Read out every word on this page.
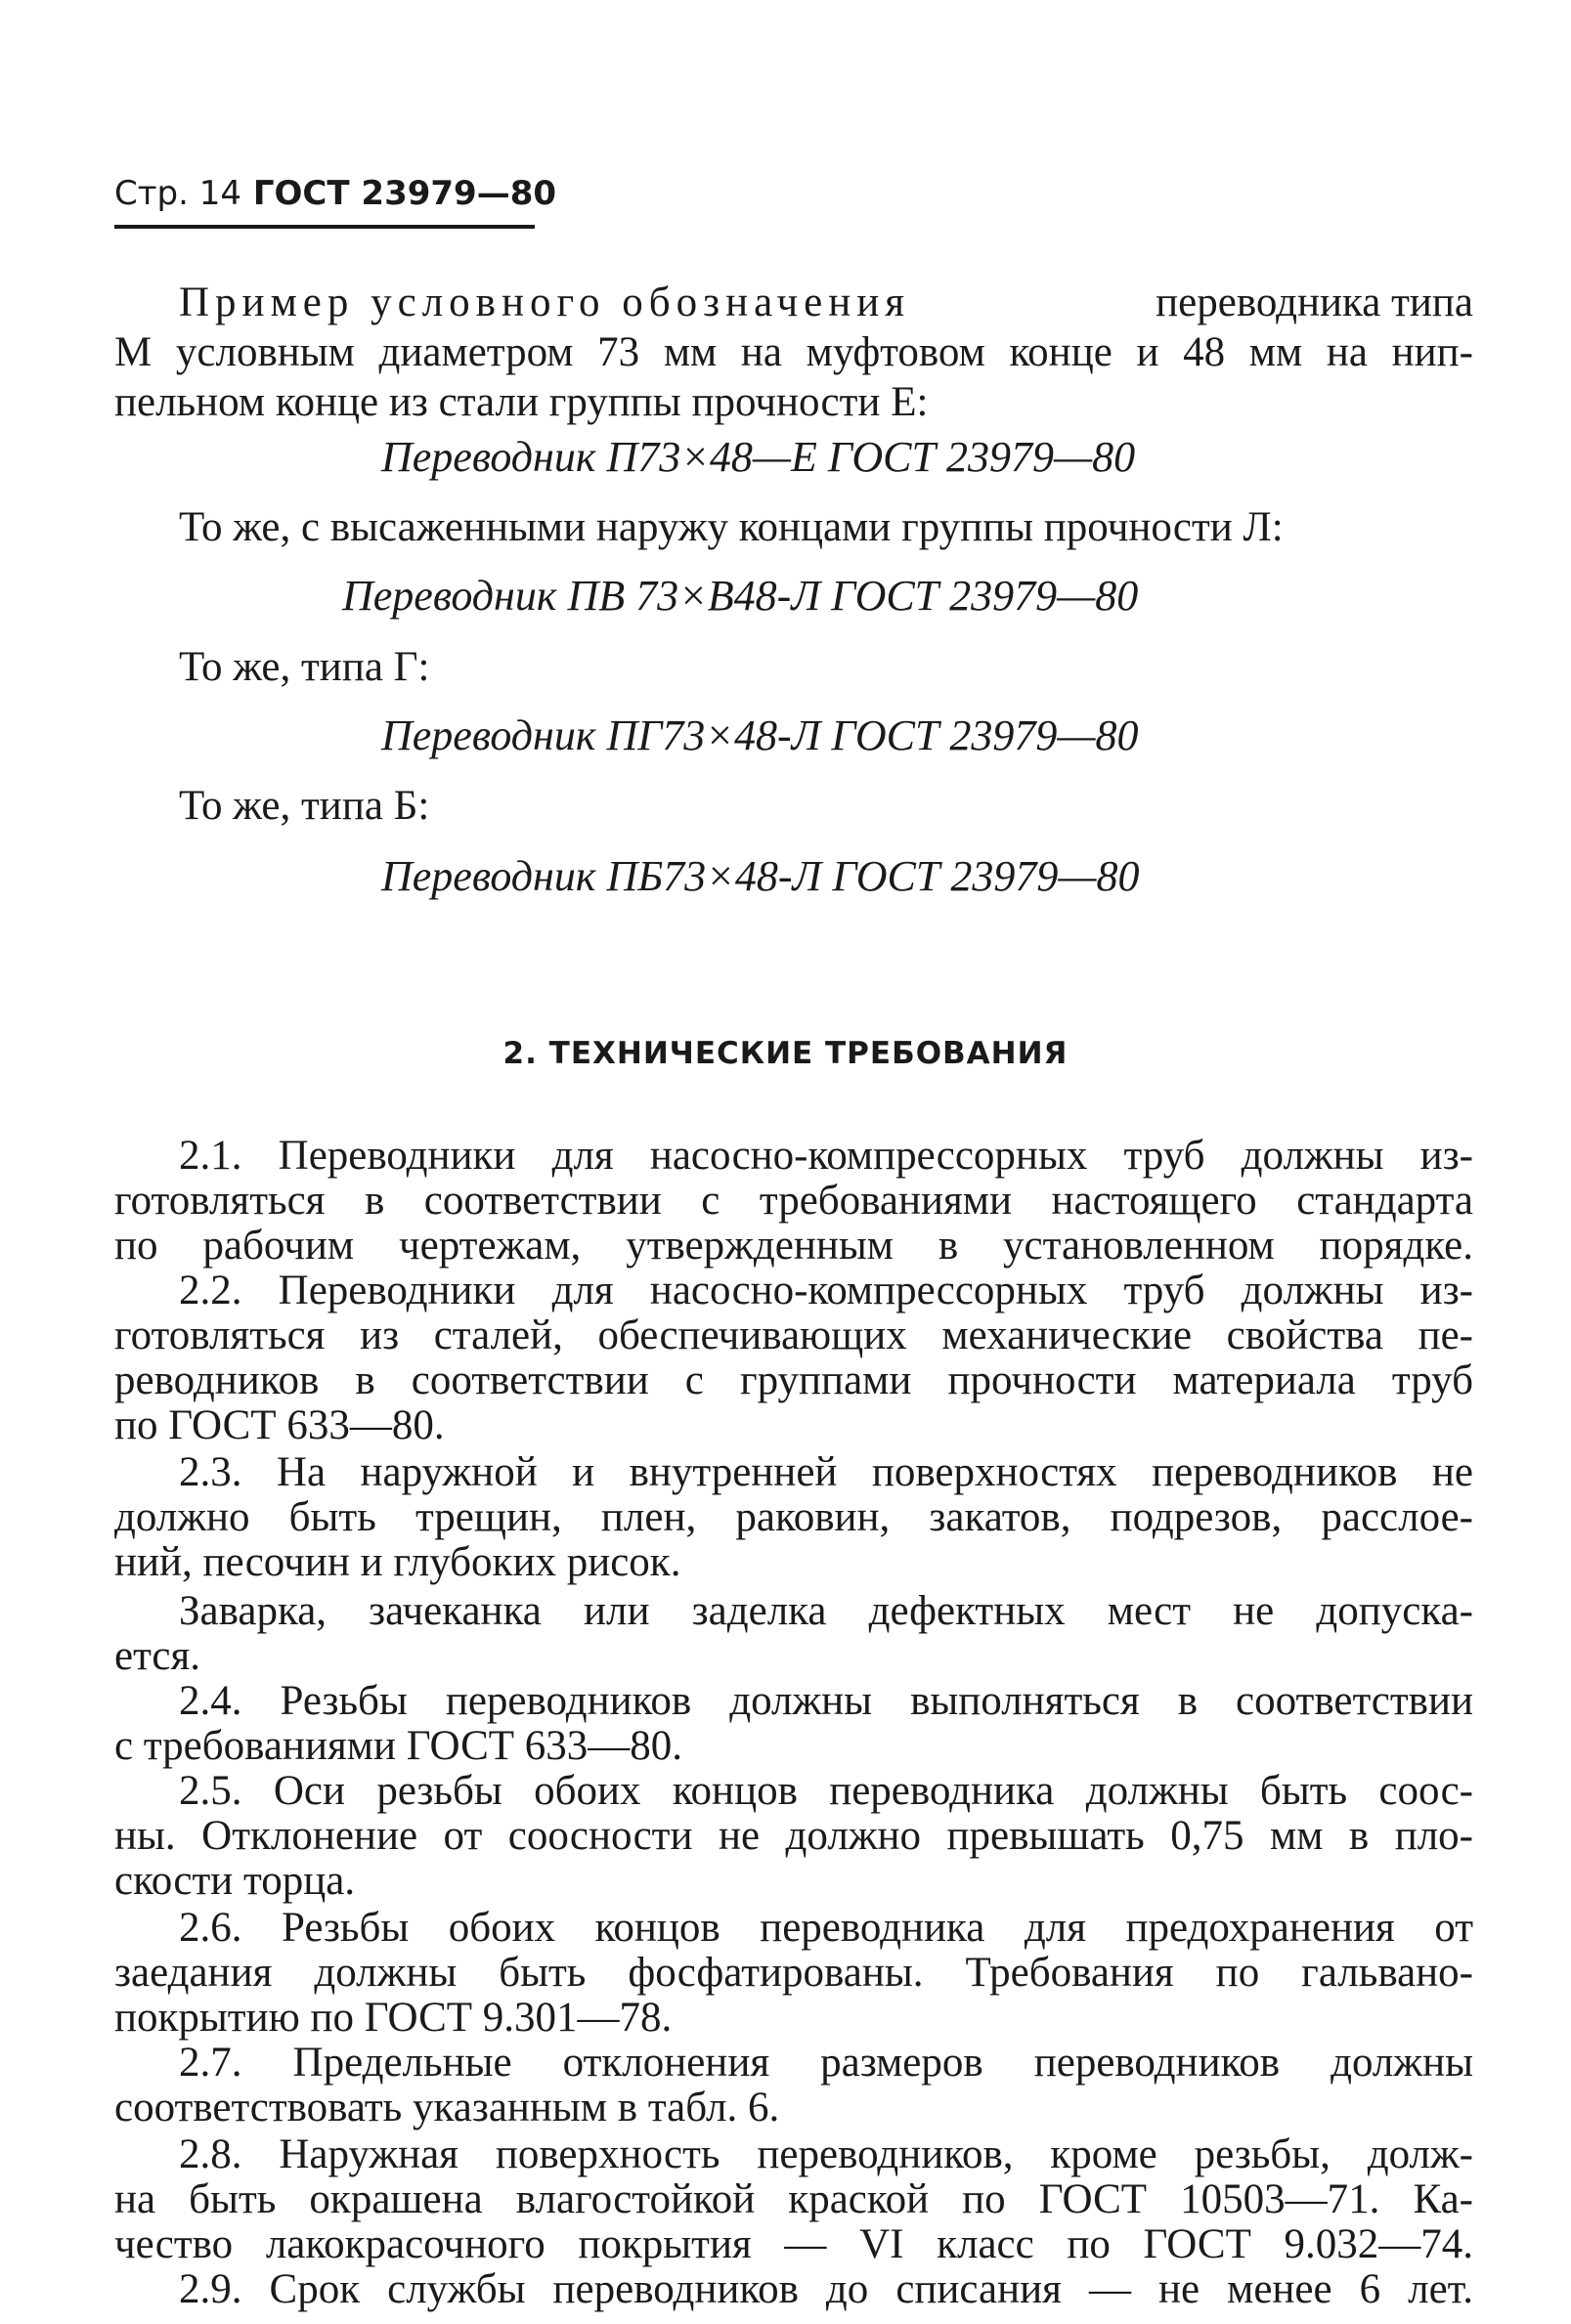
Стр. 14 ГОСТ 23979—80
Пример условного обозначения	переводника типа
М условным диаметром 73 мм на муфтовом конце и 48 мм на нип-
пельном конце из стали группы прочности Е:
Переводник П73×48—Е ГОСТ 23979—80
То же, с высаженными наружу концами группы прочности Л:
Переводник ПВ 73×В48-Л ГОСТ 23979—80
То же, типа Г:
Переводник ПГ73×48-Л ГОСТ 23979—80
То же, типа Б:
Переводник ПБ73×48-Л ГОСТ 23979—80
2. ТЕХНИЧЕСКИЕ ТРЕБОВАНИЯ
2.1. Переводники для насосно-компрессорных труб должны из-
готовляться в соответствии с требованиями настоящего стандарта
по рабочим чертежам, утвержденным в установленном порядке.
2.2. Переводники для насосно-компрессорных труб должны из-
готовляться из сталей, обеспечивающих механические свойства пе-
реводников в соответствии с группами прочности материала труб
по ГОСТ 633—80.
2.3. На наружной и внутренней поверхностях переводников не
должно быть трещин, плен, раковин, закатов, подрезов, расслое-
ний, песочин и глубоких рисок.
Заварка, зачеканка или заделка дефектных мест не допуска-
ется.
2.4. Резьбы переводников должны выполняться в соответствии
с требованиями ГОСТ 633—80.
2.5. Оси резьбы обоих концов переводника должны быть соос-
ны. Отклонение от соосности не должно превышать 0,75 мм в пло-
скости торца.
2.6. Резьбы обоих концов переводника для предохранения от
заедания должны быть фосфатированы. Требования по гальвано-
покрытию по ГОСТ 9.301—78.
2.7. Предельные отклонения размеров переводников должны
соответствовать указанным в табл. 6.
2.8. Наружная поверхность переводников, кроме резьбы, долж-
на быть окрашена влагостойкой краской по ГОСТ 10503—71. Ка-
чество лакокрасочного покрытия — VI класс по ГОСТ 9.032—74.
2.9. Срок службы переводников до списания — не менее 6 лет.
